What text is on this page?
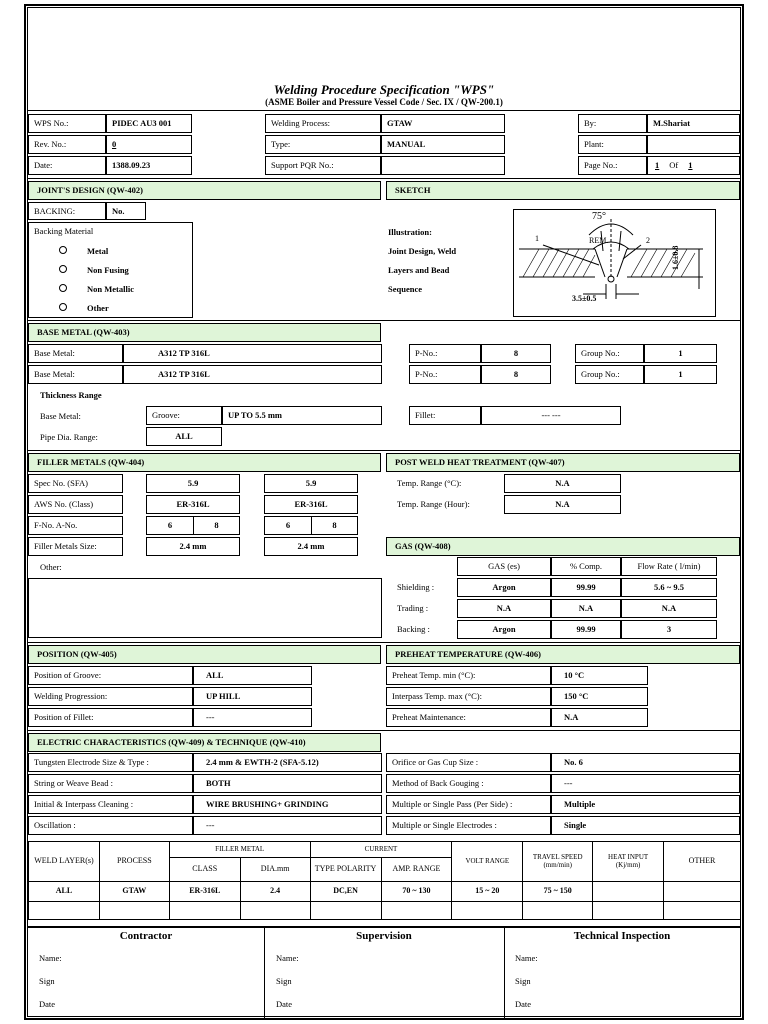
Welding Procedure Specification "WPS"
(ASME Boiler and Pressure Vessel Code / Sec. IX / QW-200.1)
WPS No.:	PIDEC AU3 001
Rev. No.:	0
Date:	1388.09.23
Welding Process:	GTAW
Type:	MANUAL
Support PQR No.:
By:	M.Shariat
Plant:
Page No.:	1 Of 1
JOINT'S DESIGN (QW-402)	SKETCH
BACKING:	No.
Backing Material
Metal
Non Fusing
Non Metallic
Other
Illustration:
Joint Design, Weld
Layers and Bead
Sequence
75°
REM.
1	2
1.6±0.8
3.5±0.5
BASE METAL (QW-403)
Base Metal:	A312 TP 316L	P-No.:	8	Group No.:	1
Base Metal:	A312 TP 316L	P-No.:	8	Group No.:	1
Thickness Range
Base Metal:	Groove:	UP TO 5.5 mm	Fillet:	--- ---
Pipe Dia. Range:	ALL
FILLER METALS (QW-404)	POST WELD HEAT TREATMENT (QW-407)
Spec No. (SFA)	5.9	5.9
AWS No. (Class)	ER-316L	ER-316L
F-No. A-No.	6	8	6	8
Filler Metals Size:	2.4 mm	2.4 mm
Other:
Temp. Range (°C):	N.A
Temp. Range (Hour):	N.A
GAS (QW-408)
GAS (es)	% Comp.	Flow Rate ( l/min)
Shielding :	Argon	99.99	5.6 ~ 9.5
Trading :	N.A	N.A	N.A
Backing :	Argon	99.99	3
POSITION (QW-405)	PREHEAT TEMPERATURE (QW-406)
Position of Groove:	ALL
Welding Progression:	UP HILL
Position of Fillet:	---
Preheat Temp. min (°C):	10 °C
Interpass Temp. max (°C):	150 °C
Preheat Maintenance:	N.A
ELECTRIC CHARACTERISTICS (QW-409) & TECHNIQUE (QW-410)
Tungsten Electrode Size & Type :	2.4 mm & EWTH-2 (SFA-5.12)
String or Weave Bead :	BOTH
Initial & Interpass Cleaning :	WIRE BRUSHING+ GRINDING
Oscillation :	---
Orifice or Gas Cup Size :	No. 6
Method of Back Gouging :	---
Multiple or Single Pass (Per Side) :	Multiple
Multiple or Single Electrodes :	Single
WELD LAYER(s)	PROCESS	FILLER METAL		CURRENT		VOLT RANGE	TRAVEL SPEED (mm/min)	HEAT INPUT (Kj/mm)	OTHER
		CLASS	DIA.mm	TYPE POLARITY	AMP. RANGE				
ALL	GTAW	ER-316L	2.4	DC,EN	70 ~ 130	15 ~ 20	75 ~ 150		

Contractor	Supervision	Technical Inspection
Name:
Sign
Date
Name:
Sign
Date
Name:
Sign
Date
